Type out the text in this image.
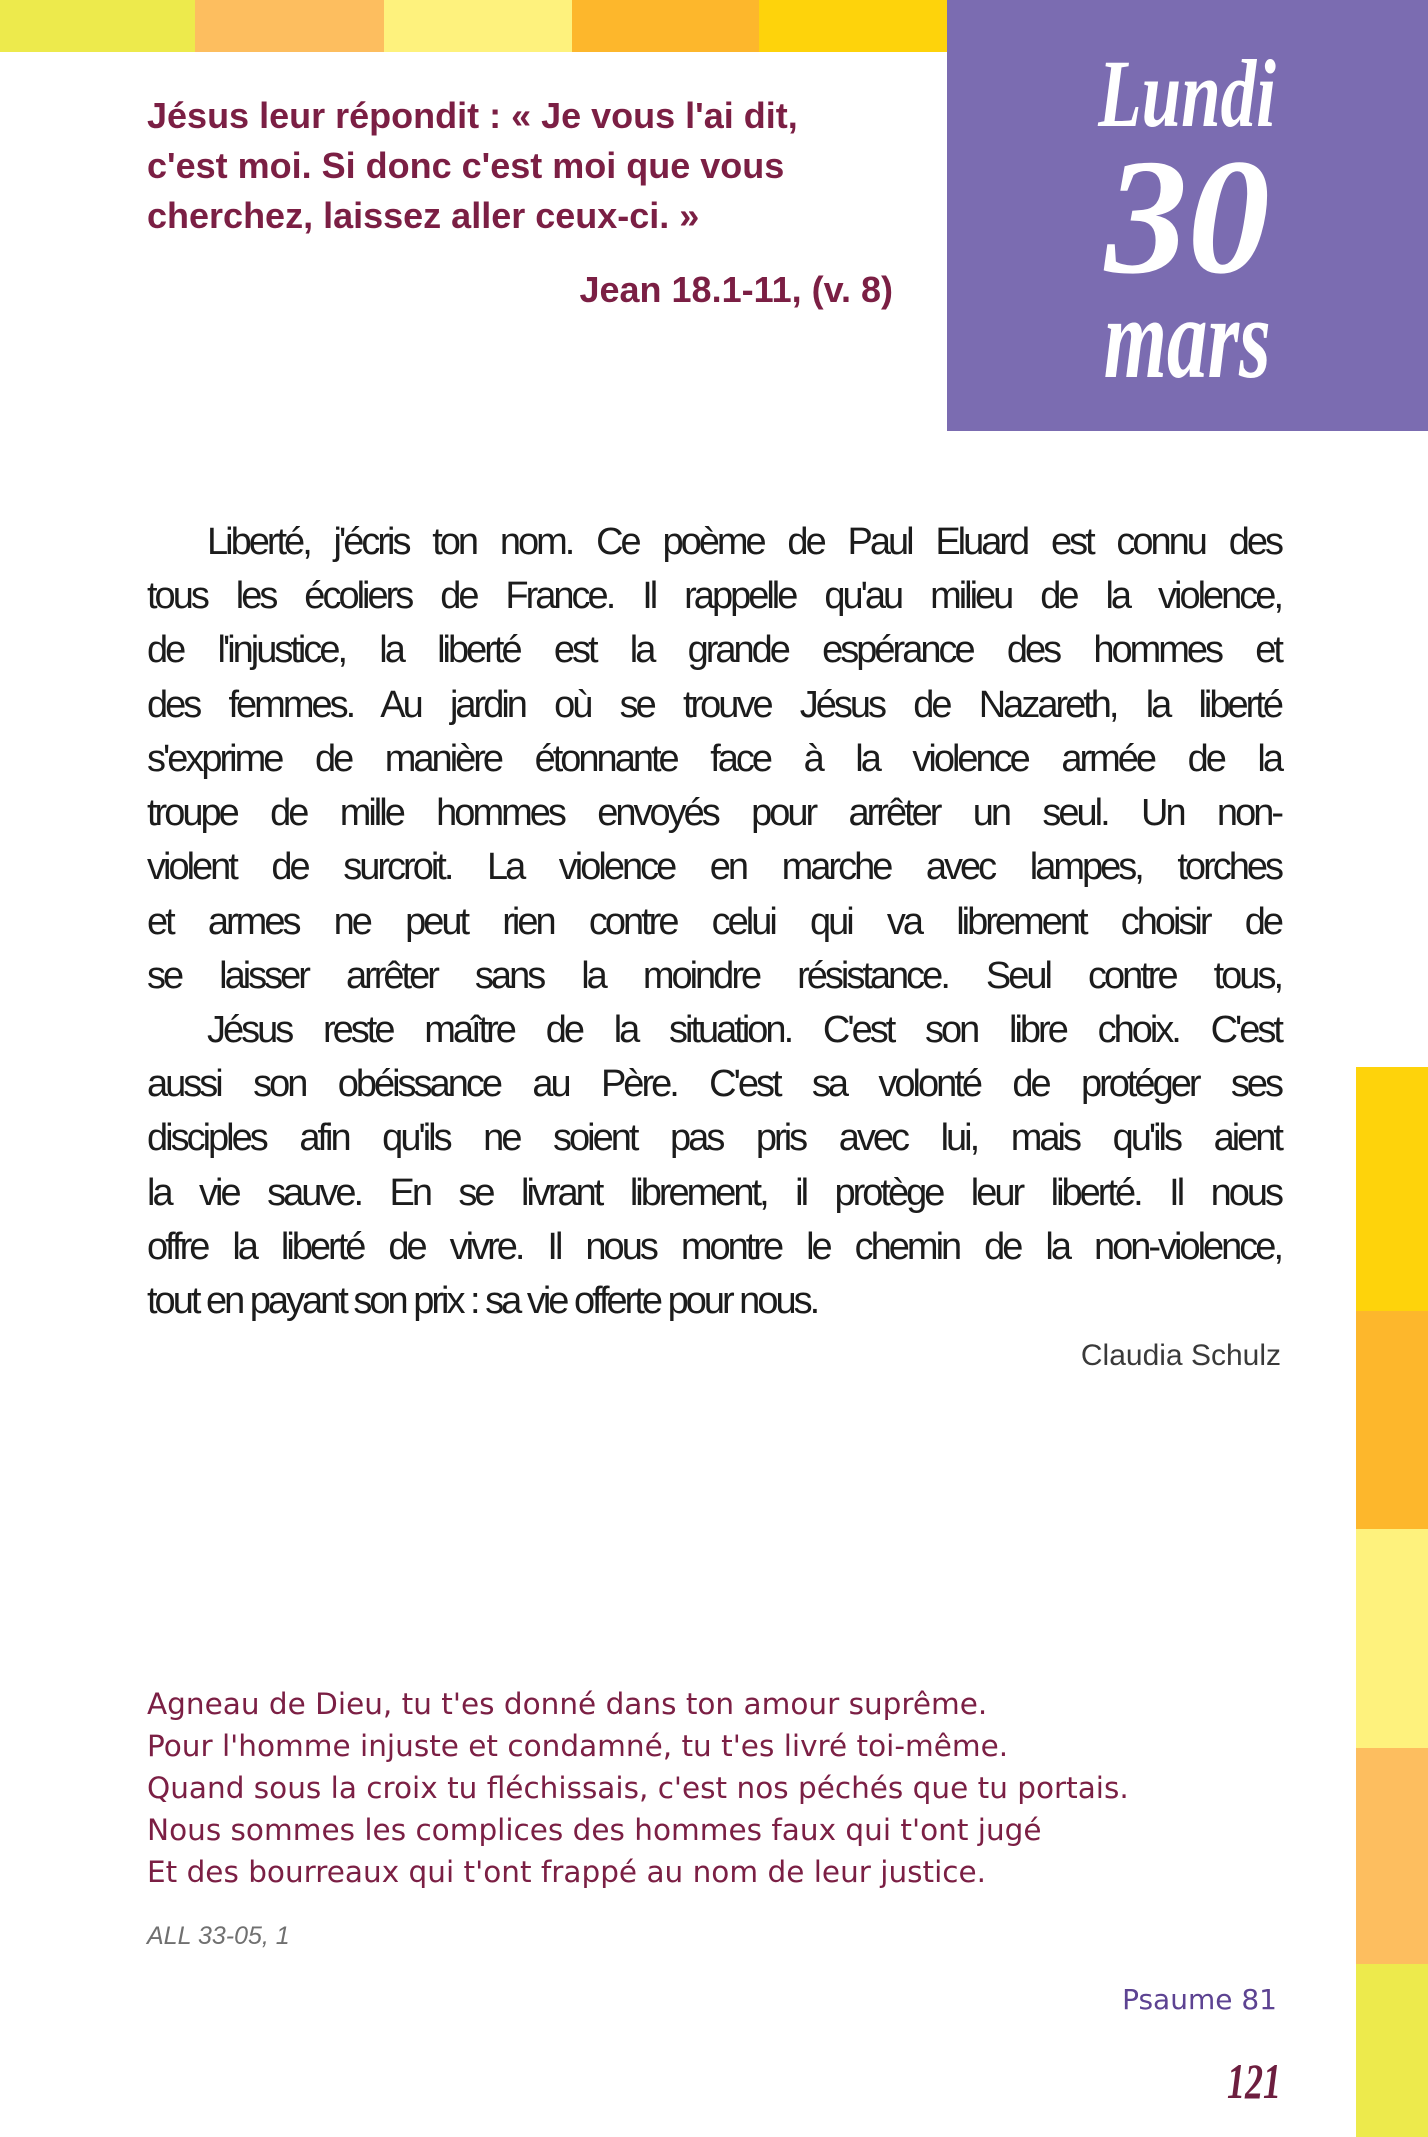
Lundi
30
mars
Jésus leur répondit : « Je vous l'ai dit,
c'est moi. Si donc c'est moi que vous
cherchez, laissez aller ceux-ci. »
Jean 18.1-11, (v. 8)
Liberté, j'écris ton nom. Ce poème de Paul Eluard est connu des
tous les écoliers de France. Il rappelle qu'au milieu de la violence,
de l'injustice, la liberté est la grande espérance des hommes et
des femmes. Au jardin où se trouve Jésus de Nazareth, la liberté
s'exprime de manière étonnante face à la violence armée de la
troupe de mille hommes envoyés pour arrêter un seul. Un non-
violent de surcroit. La violence en marche avec lampes, torches
et armes ne peut rien contre celui qui va librement choisir de
se laisser arrêter sans la moindre résistance. Seul contre tous,
Jésus reste maître de la situation. C'est son libre choix. C'est
aussi son obéissance au Père. C'est sa volonté de protéger ses
disciples afin qu'ils ne soient pas pris avec lui, mais qu'ils aient
la vie sauve. En se livrant librement, il protège leur liberté. Il nous
offre la liberté de vivre. Il nous montre le chemin de la non-violence,
tout en payant son prix : sa vie offerte pour nous.
Claudia Schulz
Agneau de Dieu, tu t'es donné dans ton amour suprême.
Pour l'homme injuste et condamné, tu t'es livré toi-même.
Quand sous la croix tu fléchissais, c'est nos péchés que tu portais.
Nous sommes les complices des hommes faux qui t'ont jugé
Et des bourreaux qui t'ont frappé au nom de leur justice.
ALL 33-05, 1
Psaume 81
121
